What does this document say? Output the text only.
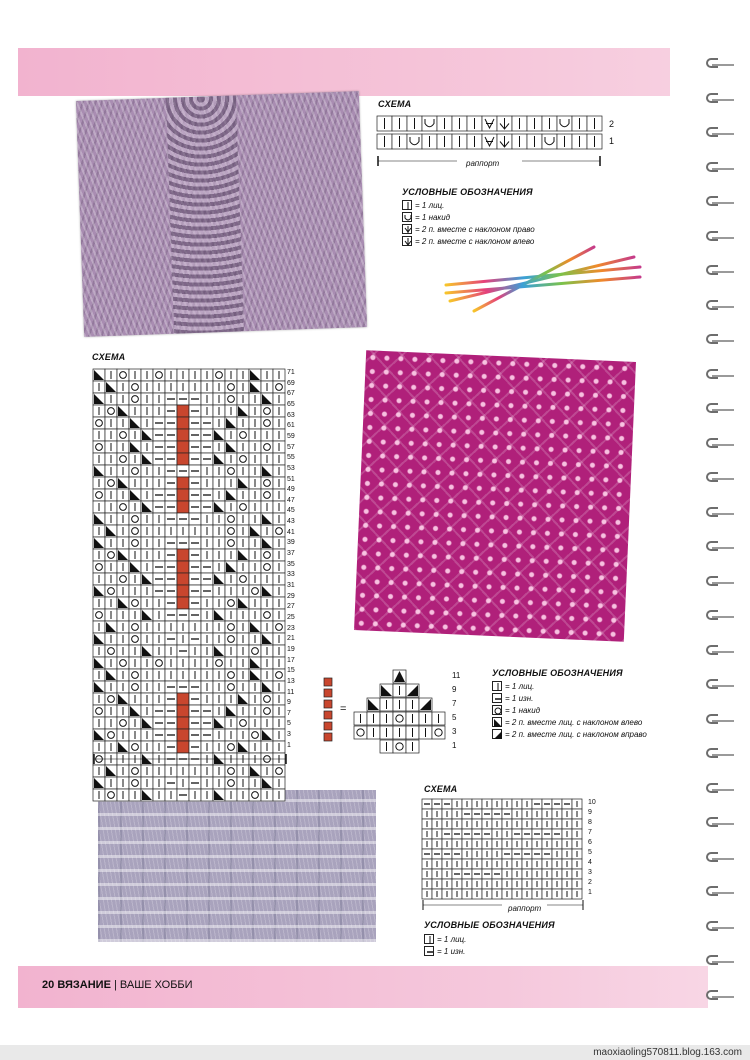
СХЕМА
2
1
раппорт
УСЛОВНЫЕ ОБОЗНАЧЕНИЯ
= 1 лиц.
= 1 накид
= 2 п. вместе с наклоном право
= 2 п. вместе с наклоном влево
СХЕМА
71
69
67
65
63
61
59
57
55
53
51
49
47
45
43
41
39
37
35
33
31
29
27
25
23
21
19
17
15
13
11
9
7
5
3
1
=
11
9
7
5
3
1
УСЛОВНЫЕ ОБОЗНАЧЕНИЯ
= 1 лиц.
= 1 изн.
= 1 накид
= 2 п. вместе лиц. с наклоном влево
= 2 п. вместе лиц. с наклоном вправо
СХЕМА
10
9
8
7
6
5
4
3
2
1
раппорт
УСЛОВНЫЕ ОБОЗНАЧЕНИЯ
= 1 лиц.
= 1 изн.
20 ВЯЗАНИЕ | ВАШЕ ХОББИ
maoxiaoling570811.blog.163.com
